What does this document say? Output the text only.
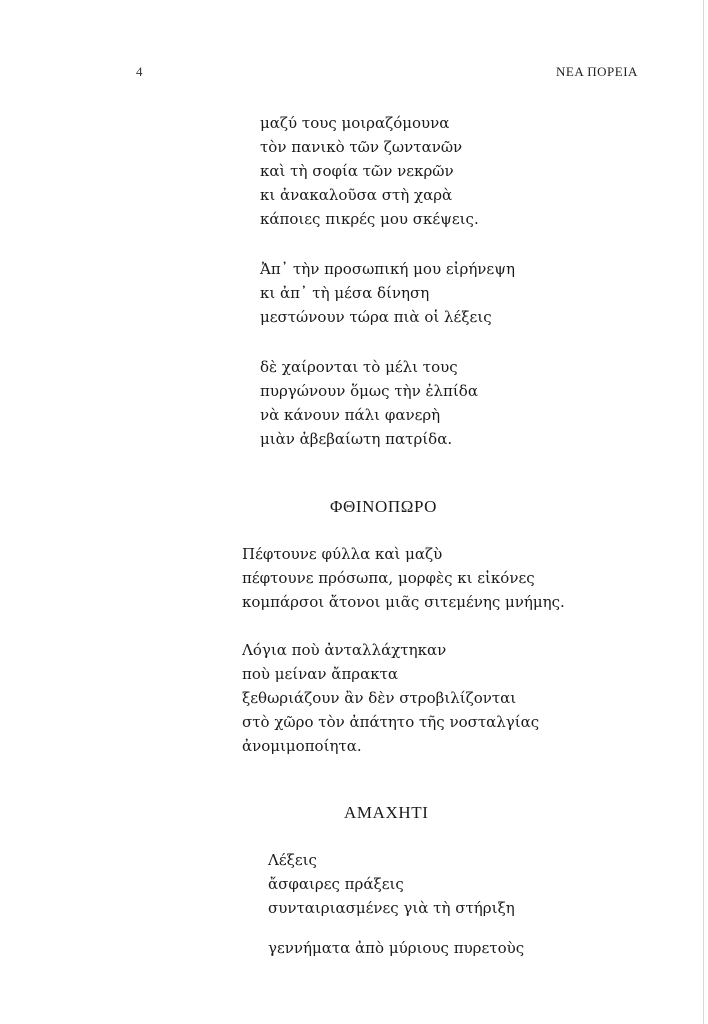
4	ΝΕΑ ΠΟΡΕΙΑ
μαζύ τους μοιραζόμουνα
τὸν πανικὸ τῶν ζωντανῶν
καὶ τὴ σοφία τῶν νεκρῶν
κι ἀνακαλοῦσα στὴ χαρὰ
κάποιες πικρές μου σκέψεις.
Ἀπ᾽ τὴν προσωπική μου εἰρήνεψη
κι ἀπ᾽ τὴ μέσα δίνηση
μεστώνουν τώρα πιὰ οἱ λέξεις
δὲ χαίρονται τὸ μέλι τους
πυργώνουν ὅμως τὴν ἐλπίδα
νὰ κάνουν πάλι φανερὴ
μιὰν ἀβεβαίωτη πατρίδα.
ΦΘΙΝΟΠΩΡΟ
Πέφτουνε φύλλα καὶ μαζὺ
πέφτουνε πρόσωπα, μορφὲς κι εἰκόνες
κομπάρσοι ἄτονοι μιᾶς σιτεμένης μνήμης.
Λόγια ποὺ ἀνταλλάχτηκαν
ποὺ μείναν ἄπρακτα
ξεθωριάζουν ἂν δὲν στροβιλίζονται
στὸ χῶρο τὸν ἀπάτητο τῆς νοσταλγίας
ἀνομιμοποίητα.
ΑΜΑΧΗΤΙ
Λέξεις
ἄσφαιρες πράξεις
συνταιριασμένες γιὰ τὴ στήριξη
γεννήματα ἀπὸ μύριους πυρετοὺς
